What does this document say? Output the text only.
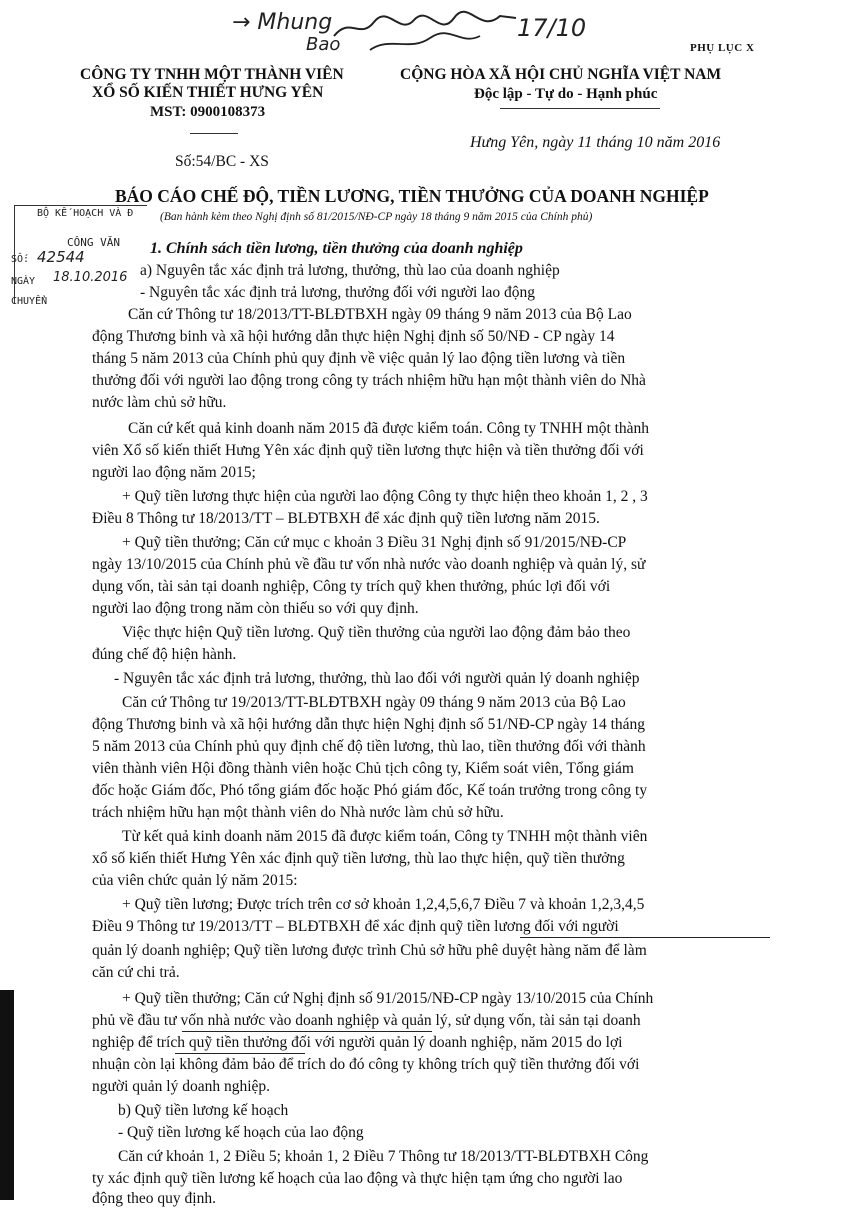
→ Mhung
Bao
17/10
PHỤ LỤC X
CÔNG TY TNHH MỘT THÀNH VIÊN
XỔ SỐ KIẾN THIẾT HƯNG YÊN
MST: 0900108373
Số:54/BC - XS
CỘNG HÒA XÃ HỘI CHỦ NGHĨA VIỆT NAM
Độc lập - Tự do - Hạnh phúc
Hưng Yên, ngày 11 tháng 10 năm 2016
BÁO CÁO CHẾ ĐỘ, TIỀN LƯƠNG, TIỀN THƯỞNG CỦA DOANH NGHIỆP
(Ban hành kèm theo Nghị định số 81/2015/NĐ-CP ngày 18 tháng 9 năm 2015 của Chính phủ)
BỘ KẾ HOẠCH VÀ Đ
CÔNG VĂN
SỐ: 42544
NGÀY 18.10.2016
CHUYỂN
1. Chính sách tiền lương, tiền thưởng của doanh nghiệp
a) Nguyên tắc xác định trả lương, thưởng, thù lao của doanh nghiệp
- Nguyên tắc xác định trả lương, thưởng đối với người lao động
Căn cứ Thông tư 18/2013/TT-BLĐTBXH ngày 09 tháng 9 năm 2013 của Bộ Lao
động Thương binh và xã hội hướng dẫn thực hiện Nghị định số 50/NĐ - CP ngày 14
tháng 5 năm 2013 của Chính phủ quy định về việc quản lý lao động tiền lương và tiền
thưởng đối với người lao động trong công ty trách nhiệm hữu hạn một thành viên do Nhà
nước làm chủ sở hữu.
Căn cứ kết quả kinh doanh năm 2015 đã được kiểm toán. Công ty TNHH một thành
viên Xổ số kiến thiết Hưng Yên xác định quỹ tiền lương thực hiện và tiền thưởng đối với
người lao động năm 2015;
+ Quỹ tiền lương thực hiện của người lao động Công ty thực hiện theo khoản 1, 2 , 3
Điều 8 Thông tư 18/2013/TT – BLĐTBXH để xác định quỹ tiền lương năm 2015.
+ Quỹ tiền thưởng; Căn cứ mục c khoản 3 Điều 31 Nghị định số 91/2015/NĐ-CP
ngày 13/10/2015 của Chính phủ về đầu tư vốn nhà nước vào doanh nghiệp và quản lý, sử
dụng vốn, tài sản tại doanh nghiệp, Công ty trích quỹ khen thưởng, phúc lợi đối với
người lao động trong năm còn thiếu so với quy định.
Việc thực hiện Quỹ tiền lương. Quỹ tiền thưởng của người lao động đảm bảo theo
đúng chế độ hiện hành.
- Nguyên tắc xác định trả lương, thưởng, thù lao đối với người quản lý doanh nghiệp
Căn cứ Thông tư 19/2013/TT-BLĐTBXH ngày 09 tháng 9 năm 2013 của Bộ Lao
động Thương binh và xã hội hướng dẫn thực hiện Nghị định số 51/NĐ-CP ngày 14 tháng
5 năm 2013 của Chính phủ quy định chế độ tiền lương, thù lao, tiền thưởng đối với thành
viên thành viên Hội đồng thành viên hoặc Chủ tịch công ty, Kiểm soát viên, Tổng giám
đốc hoặc Giám đốc, Phó tổng giám đốc hoặc Phó giám đốc, Kế toán trưởng trong công ty
trách nhiệm hữu hạn một thành viên do Nhà nước làm chủ sở hữu.
Từ kết quả kinh doanh năm 2015 đã được kiểm toán, Công ty TNHH một thành viên
xổ số kiến thiết Hưng Yên xác định quỹ tiền lương, thù lao thực hiện, quỹ tiền thưởng
của viên chức quản lý năm 2015:
+ Quỹ tiền lương; Được trích trên cơ sở khoản 1,2,4,5,6,7 Điều 7 và khoản 1,2,3,4,5
Điều 9 Thông tư 19/2013/TT – BLĐTBXH để xác định quỹ tiền lương đối với người
quản lý doanh nghiệp; Quỹ tiền lương được trình Chủ sở hữu phê duyệt hàng năm để làm
căn cứ chi trả.
+ Quỹ tiền thưởng; Căn cứ Nghị định số 91/2015/NĐ-CP ngày 13/10/2015 của Chính
phủ về đầu tư vốn nhà nước vào doanh nghiệp và quản lý, sử dụng vốn, tài sản tại doanh
nghiệp để trích quỹ tiền thưởng đối với người quản lý doanh nghiệp, năm 2015 do lợi
nhuận còn lại không đảm bảo để trích do đó công ty không trích quỹ tiền thưởng đối với
người quản lý doanh nghiệp.
b) Quỹ tiền lương kế hoạch
- Quỹ tiền lương kế hoạch của lao động
Căn cứ khoản 1, 2 Điều 5; khoản 1, 2 Điều 7 Thông tư 18/2013/TT-BLĐTBXH Công
ty xác định quỹ tiền lương kế hoạch của lao động và thực hiện tạm ứng cho người lao
động theo quy định.
